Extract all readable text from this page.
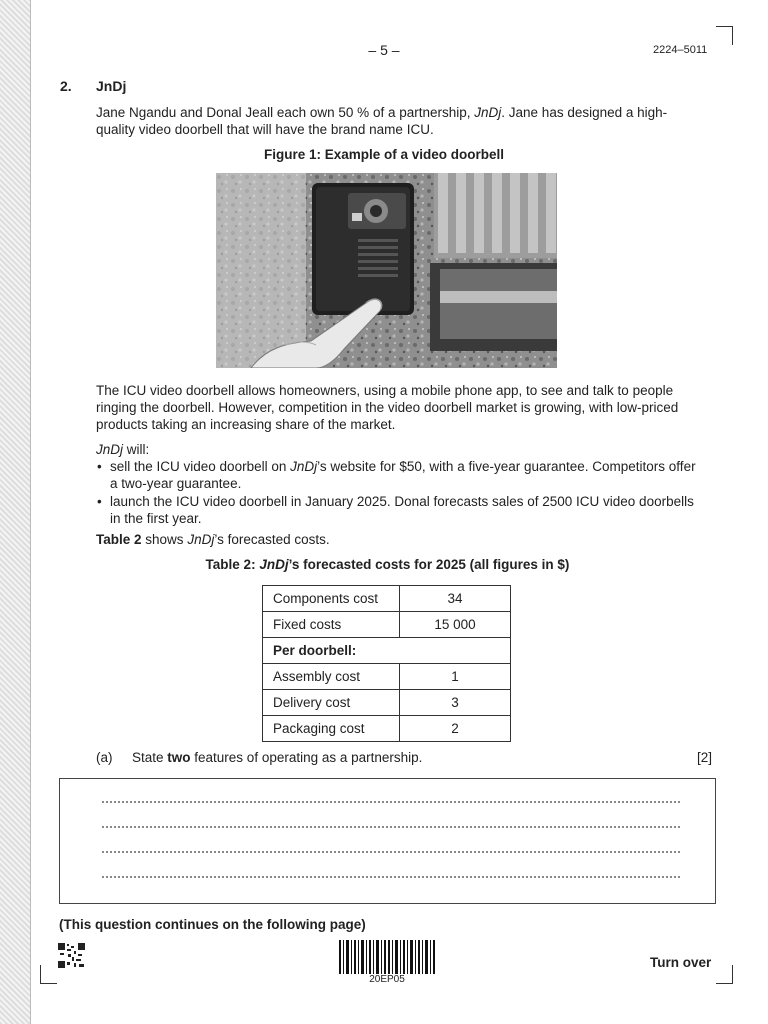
– 5 –	2224–5011
2. JnDj
Jane Ngandu and Donal Jeall each own 50 % of a partnership, JnDj. Jane has designed a high-quality video doorbell that will have the brand name ICU.
Figure 1: Example of a video doorbell
The ICU video doorbell allows homeowners, using a mobile phone app, to see and talk to people ringing the doorbell. However, competition in the video doorbell market is growing, with low-priced products taking an increasing share of the market.
JnDj will:
• sell the ICU video doorbell on JnDj’s website for $50, with a five-year guarantee. Competitors offer a two-year guarantee.
• launch the ICU video doorbell in January 2025. Donal forecasts sales of 2500 ICU video doorbells in the first year.
Table 2 shows JnDj’s forecasted costs.
Table 2: JnDj’s forecasted costs for 2025 (all figures in $)
Components cost	34
Fixed costs	15 000
Per doorbell:	
Assembly cost	1
Delivery cost	3
Packaging cost	2
(a) State two features of operating as a partnership.	[2]
(This question continues on the following page)
20EP05
Turn over
